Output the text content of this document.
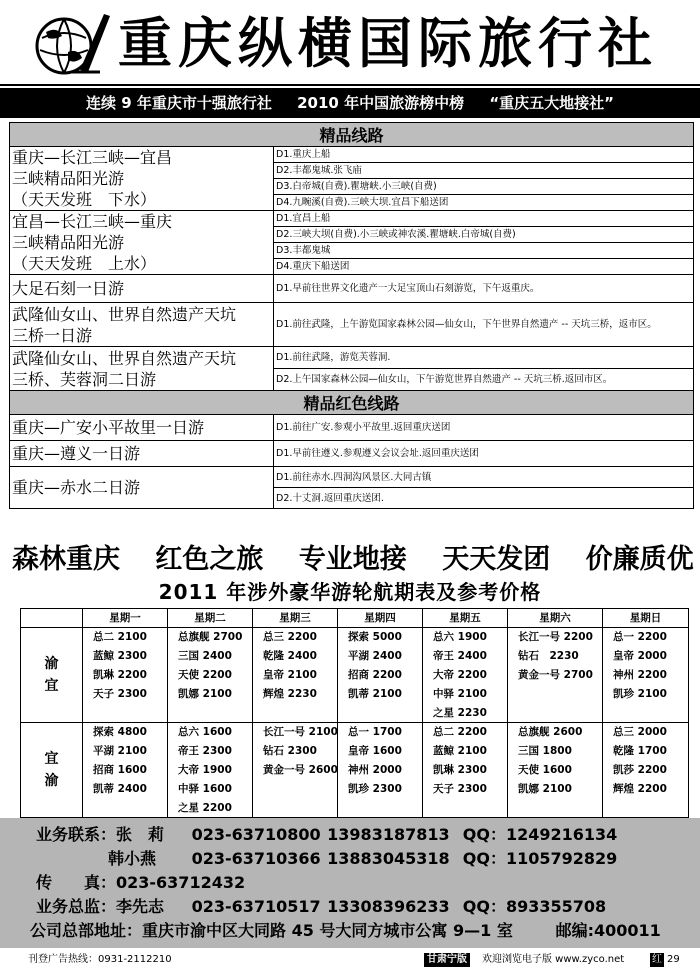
重庆纵横国际旅行社
连续 9 年重庆市十强旅行社 2010 年中国旅游榜中榜 “重庆五大地接社”
精品线路	

重庆—长江三峡—宜昌
三峡精品阳光游
（天天发班　下水）	D1.重庆上船
	D2.丰都鬼城.张飞庙
	D3.白帝城(自费).瞿塘峡.小三峡(自费)
	D4.九畹溪(自费).三峡大坝.宜昌下船送团

宜昌—长江三峡—重庆
三峡精品阳光游
（天天发班　上水）	D1.宜昌上船
	D2.三峡大坝(自费).小三峡或神农溪.瞿塘峡.白帝城(自费)
	D3.丰都鬼城
	D4.重庆下船送团

大足石刻一日游	D1.早前往世界文化遗产一大足宝顶山石刻游览，下午返重庆。

武隆仙女山、世界自然遗产天坑
三桥一日游	D1.前往武隆，上午游览国家森林公园—仙女山，下午世界自然遗产 -- 天坑三桥，返市区。

武隆仙女山、世界自然遗产天坑
三桥、芙蓉洞二日游	D1.前往武隆，游览芙蓉洞.
	D2.上午国家森林公园—仙女山，下午游览世界自然遗产 -- 天坑三桥.返回市区。
精品红色线路	

重庆—广安小平故里一日游	D1.前往广安.参观小平故里.返回重庆送团

重庆—遵义一日游	D1.早前往遵义.参观遵义会议会址.返回重庆送团

重庆—赤水二日游	D1.前往赤水.四洞沟风景区.大同古镇
	D2.十丈洞.返回重庆送团.
森林重庆 红色之旅 专业地接 天天发团 价廉质优
2011 年涉外豪华游轮航期表及参考价格
	星期一	星期二	星期三	星期四	星期五	星期六	星期日

渝
宜	总二 2100	总旗舰 2700	总三 2200	探索 5000	总六 1900	长江一号 2200	总一 2200
	蓝鲸 2300	三国 2400	乾隆 2400	平湖 2400	帝王 2400	钻石　2230	皇帝 2000
	凯琳 2200	天使 2200	皇帝 2100	招商 2200	大帝 2200	黄金一号 2700	神州 2200
	天子 2300	凯娜 2100	辉煌 2230	凯蒂 2100	中驿 2100		凯珍 2100
					之星 2230		

宜
渝	探索 4800	总六 1600	长江一号 2100	总一 1700	总二 2200	总旗舰 2600	总三 2000
	平湖 2100	帝王 2300	钻石 2300	皇帝 1600	蓝鲸 2100	三国 1800	乾隆 1700
	招商 1600	大帝 1900	黄金一号 2600	神州 2000	凯琳 2300	天使 1600	凯莎 2200
	凯蒂 2400	中驿 1600		凯珍 2300	天子 2300	凯娜 2100	辉煌 2200
		之星 2200					
业务联系：张　莉 023-63710800 13983187813 QQ：1249216134
韩小燕 023-63710366 13883045318 QQ：1105792829
传　　真：023-63712432
业务总监：李先志 023-63710517 13308396233 QQ：893355708
公司总部地址：重庆市渝中区大同路 45 号大同方城市公寓 9—1 室	邮编:400011
刊登广告热线：0931-2112210	甘肃宁版	欢迎浏览电子版 www.zyco.net	红 29
